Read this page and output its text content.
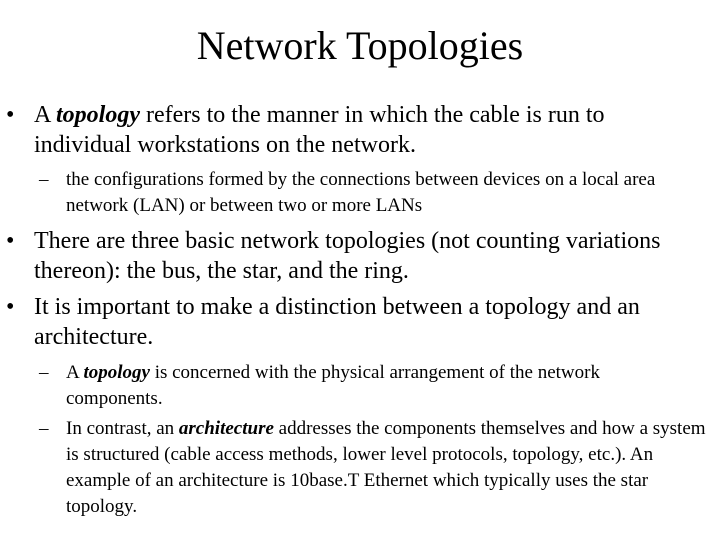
Network Topologies
• A topology refers to the manner in which the cable is run to individual workstations on the network.
– the configurations formed by the connections between devices on a local area network (LAN) or between two or more LANs
• There are three basic network topologies (not counting variations thereon): the bus, the star, and the ring.
• It is important to make a distinction between a topology and an architecture.
– A topology is concerned with the physical arrangement of the network components.
– In contrast, an architecture addresses the components themselves and how a system is structured (cable access methods, lower level protocols, topology, etc.). An example of an architecture is 10base.T Ethernet which typically uses the star topology.
